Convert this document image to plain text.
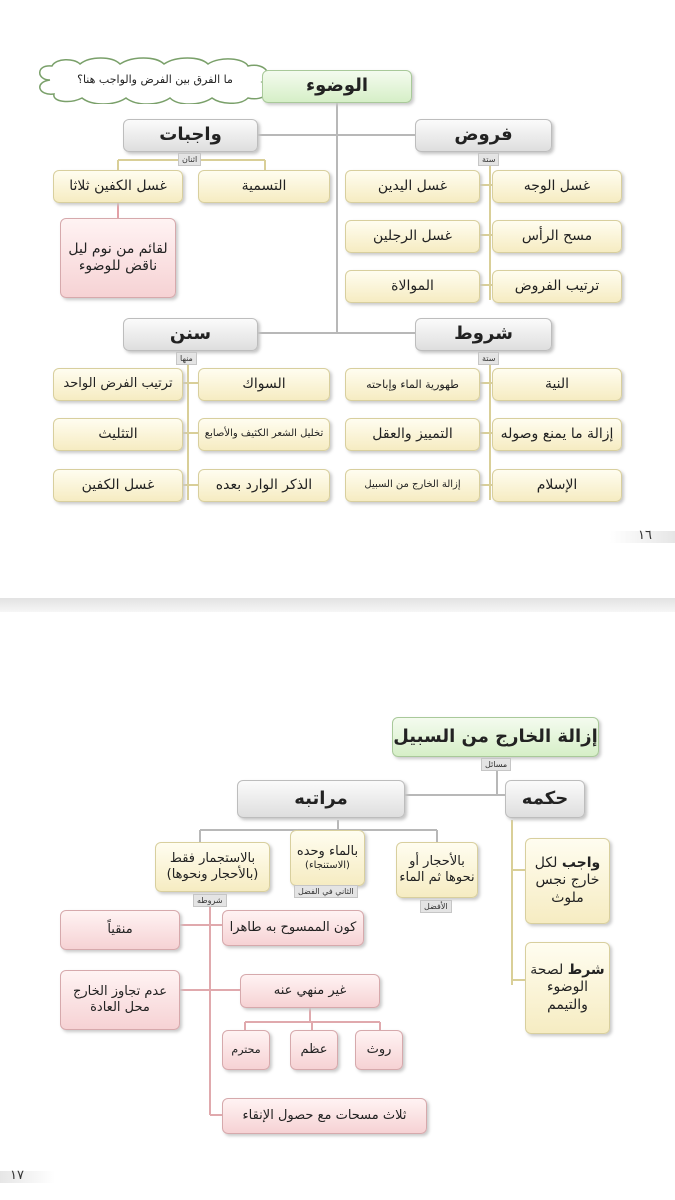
ما الفرق بين الفرض والواجب هنا؟	الوضوء
واجبات
اثنان
التسمية
غسل الكفين ثلاثا
لقائم من نوم ليل ناقض للوضوء
فروض
ستة
غسل الوجه
غسل اليدين
مسح الرأس
غسل الرجلين
ترتيب الفروض
الموالاة
سنن
منها
السواك
ترتيب الفرض الواحد
تخليل الشعر الكثيف والأصابع
التثليث
الذكر الوارد بعده
غسل الكفين
شروط
ستة
النية
طهورية الماء وإباحته
إزالة ما يمنع وصوله
التمييز والعقل
الإسلام
إزالة الخارج من السبيل
١٦
إزالة الخارج من السبيل
مسائل
حكمه
مراتبه
واجب لكل خارج نجس ملوث
شرط لصحة الوضوء والتيمم
بالأحجار أو
نحوها ثم الماء
الأفضل
بالماء وحده
(الاستنجاء)
الثاني في الفضل
بالاستجمار فقط
(بالأحجار ونحوها)
شروطه
كون الممسوح به طاهرا
منقياً
غير منهي عنه
عدم تجاوز الخارج محل العادة
روث
عظم
محترم
ثلاث مسحات مع حصول الإنقاء
١٧
